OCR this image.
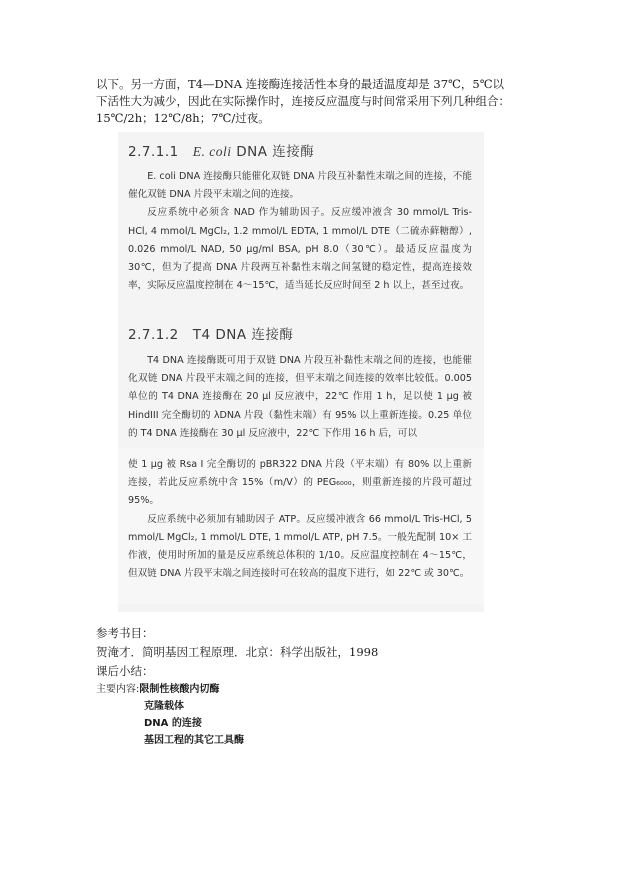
以下。另一方面，T4—DNA 连接酶连接活性本身的最适温度却是 37℃，5℃以

下活性大为减少，因此在实际操作时，连接反应温度与时间常采用下列几种组合：

15℃/2h；12℃/8h；7℃/过夜。

2.7.1.1 E. coli DNA 连接酶

E. coli DNA 连接酶只能催化双链 DNA 片段互补黏性末端之间的连接，不能催化双链 DNA 片段平末端之间的连接。

反应系统中必须含 NAD 作为辅助因子。反应缓冲液含 30 mmol/L Tris-HCl, 4 mmol/L MgCl₂, 1.2 mmol/L EDTA, 1 mmol/L DTE（二硫赤藓糖醇）, 0.026 mmol/L NAD, 50 μg/ml BSA, pH 8.0（30℃）。最适反应温度为 30℃，但为了提高 DNA 片段两互补黏性末端之间氢键的稳定性，提高连接效率，实际反应温度控制在 4～15℃，适当延长反应时间至 2 h 以上，甚至过夜。

2.7.1.2 T4 DNA 连接酶

T4 DNA 连接酶既可用于双链 DNA 片段互补黏性末端之间的连接，也能催化双链 DNA 片段平末端之间的连接，但平末端之间连接的效率比较低。0.005 单位的 T4 DNA 连接酶在 20 μl 反应液中，22℃ 作用 1 h，足以使 1 μg 被 HindIII 完全酶切的 λDNA 片段（黏性末端）有 95% 以上重新连接。0.25 单位的 T4 DNA 连接酶在 30 μl 反应液中，22℃ 下作用 16 h 后，可以

使 1 μg 被 Rsa I 完全酶切的 pBR322 DNA 片段（平末端）有 80% 以上重新连接，若此反应系统中含 15%（m/V）的 PEG₆₀₀₀，则重新连接的片段可超过 95%。

反应系统中必须加有辅助因子 ATP。反应缓冲液含 66 mmol/L Tris-HCl, 5 mmol/L MgCl₂, 1 mmol/L DTE, 1 mmol/L ATP, pH 7.5。一般先配制 10× 工作液，使用时所加的量是反应系统总体积的 1/10。反应温度控制在 4～15℃，但双链 DNA 片段平末端之间连接时可在较高的温度下进行，如 22℃ 或 30℃。

参考书目：
贺淹才．简明基因工程原理．北京：科学出版社，1998
课后小结：
主要内容:限制性核酸内切酶
克隆载体
DNA 的连接
基因工程的其它工具酶
